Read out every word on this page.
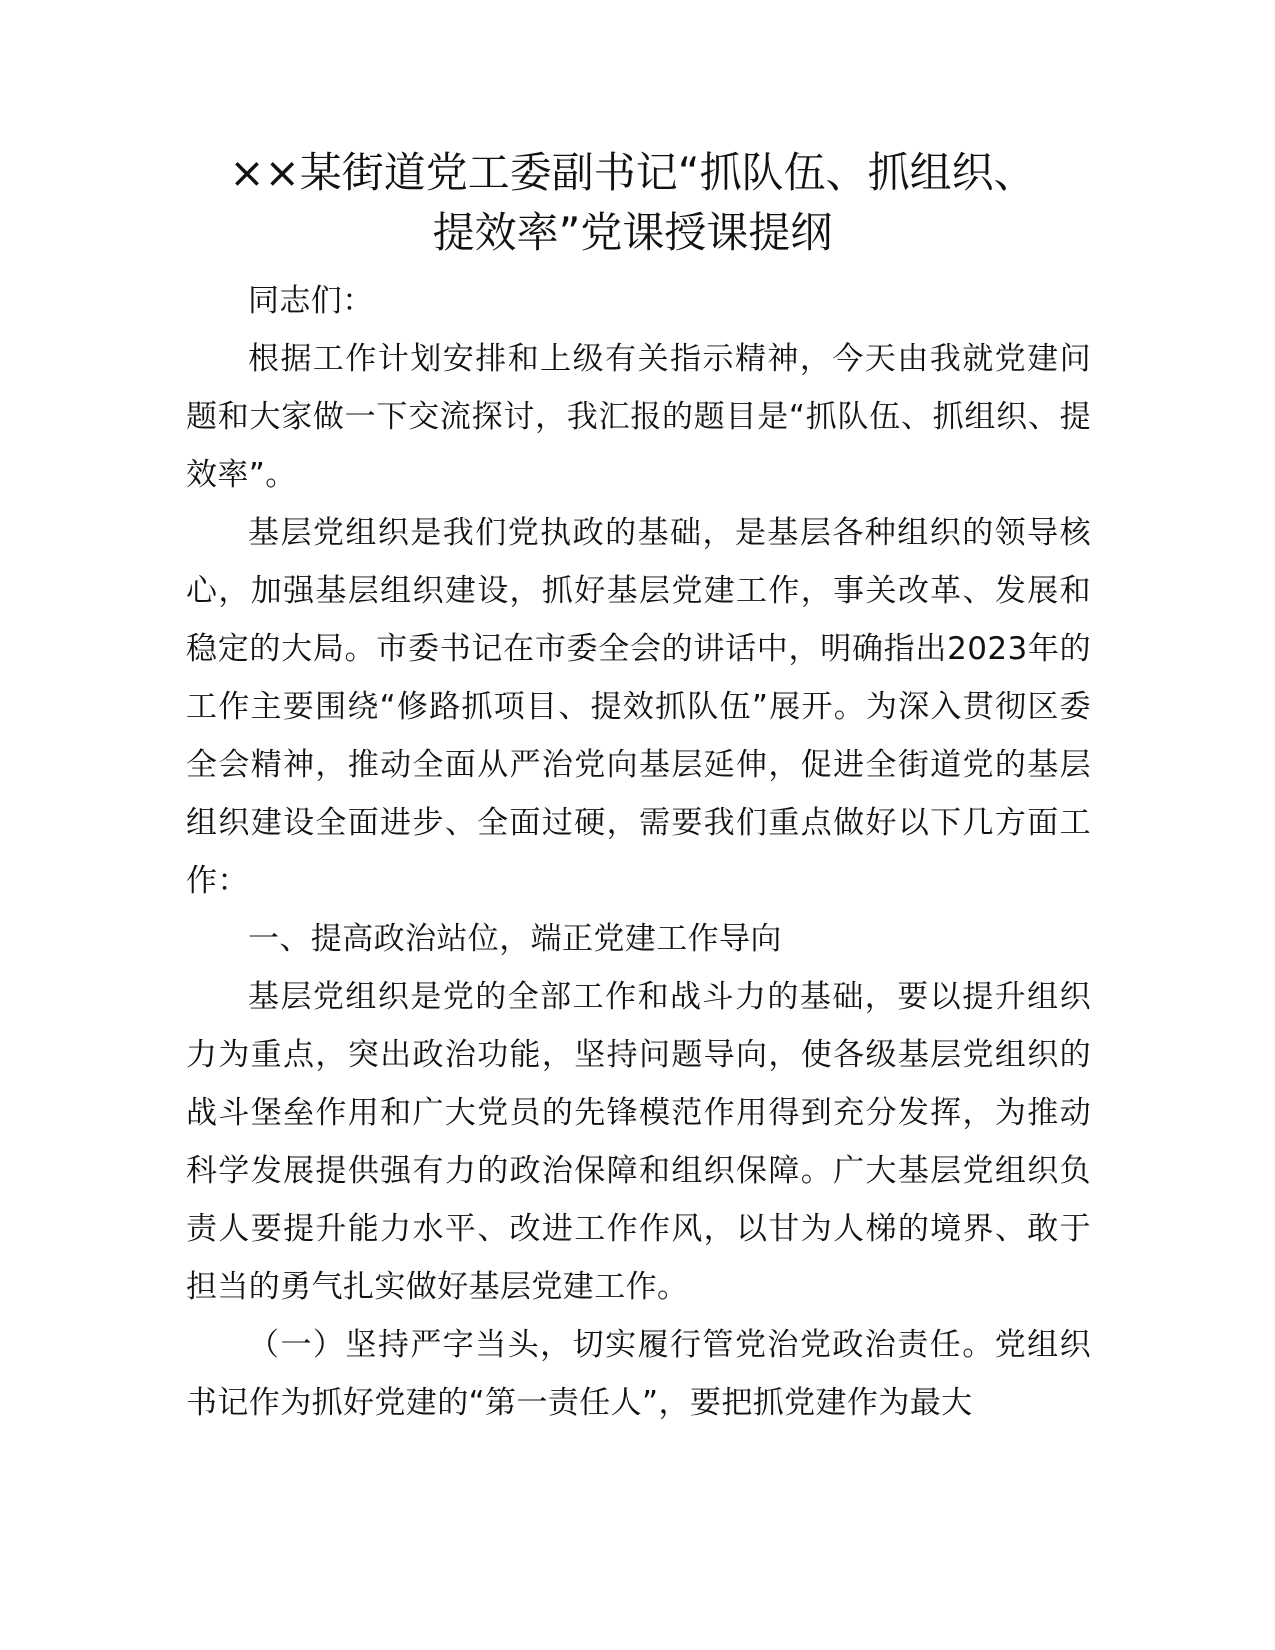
××某街道党工委副书记“抓队伍、抓组织、
提效率”党课授课提纲

同志们：

根据工作计划安排和上级有关指示精神，今天由我就党建问题和大家做一下交流探讨，我汇报的题目是“抓队伍、抓组织、提效率”。

基层党组织是我们党执政的基础，是基层各种组织的领导核心，加强基层组织建设，抓好基层党建工作，事关改革、发展和稳定的大局。市委书记在市委全会的讲话中，明确指出2023年的工作主要围绕“修路抓项目、提效抓队伍”展开。为深入贯彻区委全会精神，推动全面从严治党向基层延伸，促进全街道党的基层组织建设全面进步、全面过硬，需要我们重点做好以下几方面工作：

一、提高政治站位，端正党建工作导向

基层党组织是党的全部工作和战斗力的基础，要以提升组织力为重点，突出政治功能，坚持问题导向，使各级基层党组织的战斗堡垒作用和广大党员的先锋模范作用得到充分发挥，为推动科学发展提供强有力的政治保障和组织保障。广大基层党组织负责人要提升能力水平、改进工作作风，以甘为人梯的境界、敢于担当的勇气扎实做好基层党建工作。

（一）坚持严字当头，切实履行管党治党政治责任。党组织书记作为抓好党建的“第一责任人”，要把抓党建作为最大
